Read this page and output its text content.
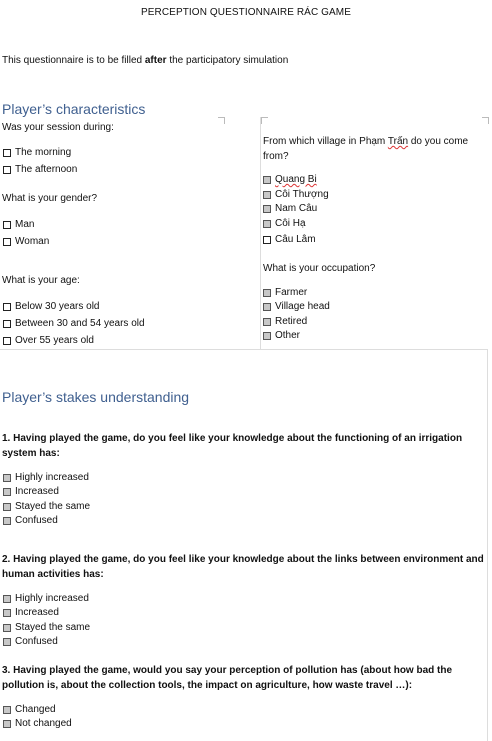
PERCEPTION QUESTIONNAIRE RÁC GAME
This questionnaire is to be filled after the participatory simulation
Player’s characteristics
Was your session during:
The morning
The afternoon
What is your gender?
Man
Woman
What is your age:
Below 30 years old
Between 30 and 54 years old
Over 55 years old
From which village in Phạm Trấn do you come from?
Quang Bi
Côi Thượng
Nam Câu
Côi Hạ
Câu Lâm
What is your occupation?
Farmer
Village head
Retired
Other
Player’s stakes understanding
1. Having played the game, do you feel like your knowledge about the functioning of an irrigation system has:
Highly increased
Increased
Stayed the same
Confused
2. Having played the game, do you feel like your knowledge about the links between environment and human activities has:
Highly increased
Increased
Stayed the same
Confused
3. Having played the game, would you say your perception of pollution has (about how bad the pollution is, about the collection tools, the impact on agriculture, how waste travel …):
Changed
Not changed
